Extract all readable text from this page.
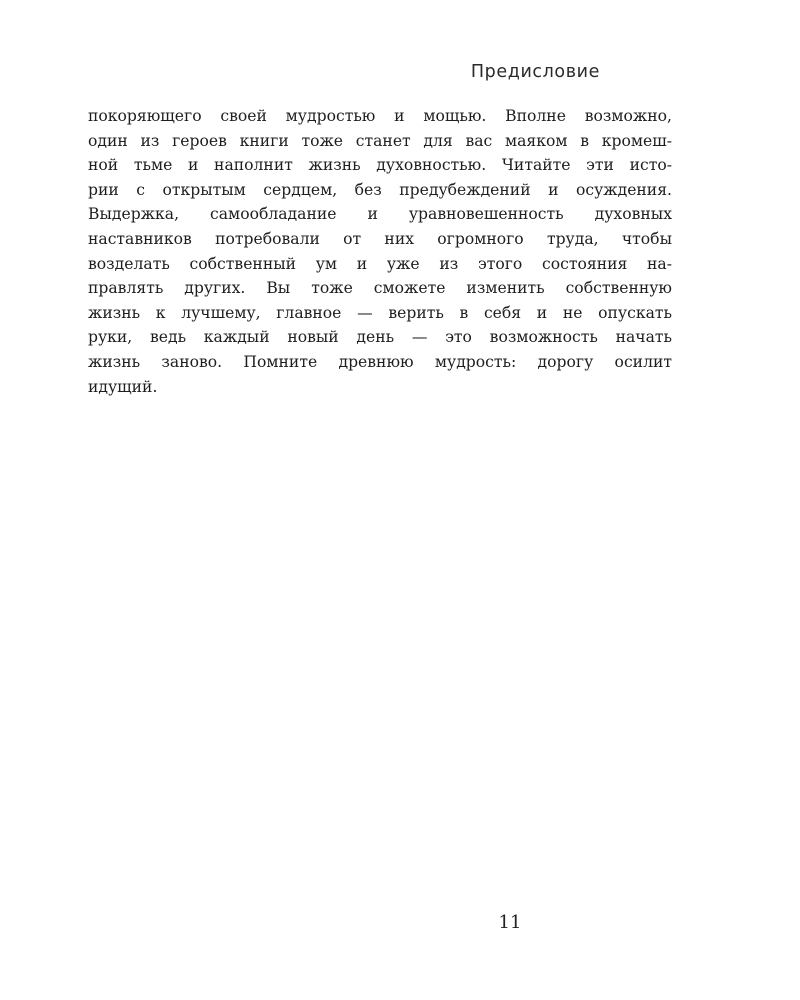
Предисловие
покоряющего своей мудростью и мощью. Вполне возможно,
один из героев книги тоже станет для вас маяком в кромеш-
ной тьме и наполнит жизнь духовностью. Читайте эти исто-
рии с открытым сердцем, без предубеждений и осуждения.
Выдержка, самообладание и уравновешенность духовных
наставников потребовали от них огромного труда, чтобы
возделать собственный ум и уже из этого состояния на-
правлять других. Вы тоже сможете изменить собственную
жизнь к лучшему, главное — верить в себя и не опускать
руки, ведь каждый новый день — это возможность начать
жизнь заново. Помните древнюю мудрость: дорогу осилит
идущий.
11
